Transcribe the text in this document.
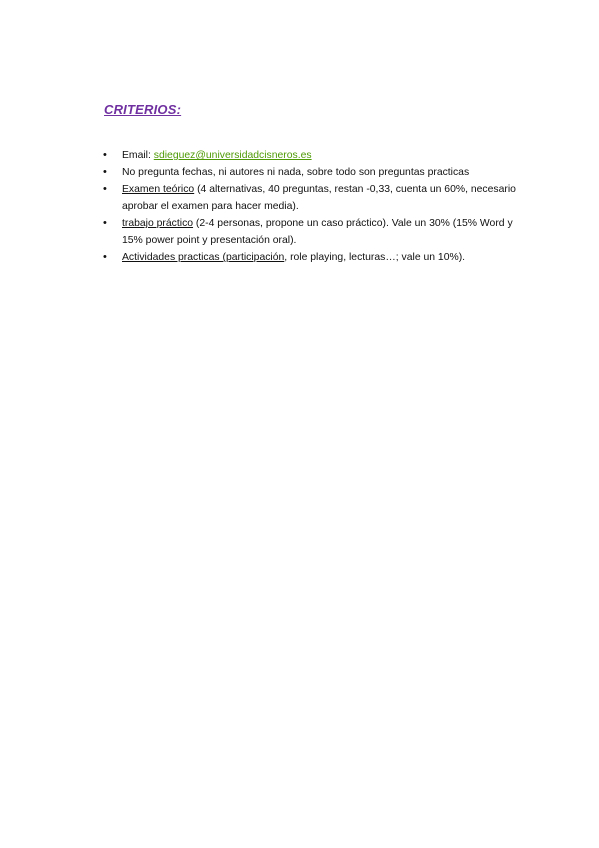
CRITERIOS:
• Email: sdieguez@universidadcisneros.es
• No pregunta fechas, ni autores ni nada, sobre todo son preguntas practicas
• Examen teórico (4 alternativas, 40 preguntas, restan -0,33, cuenta un 60%, necesario aprobar el examen para hacer media).
• trabajo práctico (2-4 personas, propone un caso práctico). Vale un 30% (15% Word y 15% power point y presentación oral).
• Actividades practicas (participación, role playing, lecturas…; vale un 10%).
